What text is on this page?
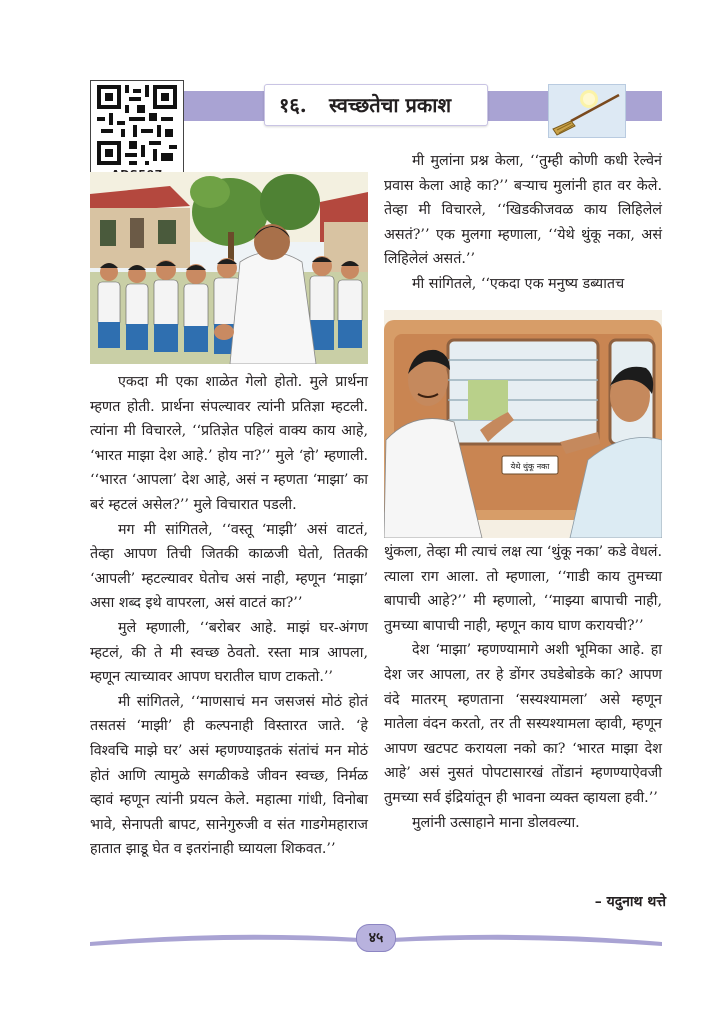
१६. स्वच्छतेचा प्रकाश

एकदा मी एका शाळेत गेलो होतो. मुले प्रार्थना म्हणत होती. प्रार्थना संपल्यावर त्यांनी प्रतिज्ञा म्हटली. त्यांना मी विचारले, ‘‘प्रतिज्ञेत पहिलं वाक्य काय आहे, ‘भारत माझा देश आहे.’ होय ना?’’ मुले ‘हो’ म्हणाली. ‘‘भारत ‘आपला’ देश आहे, असं न म्हणता ‘माझा’ का बरं म्हटलं असेल?’’ मुले विचारात पडली.

मग मी सांगितले, ‘‘वस्तू ‘माझी’ असं वाटतं, तेव्हा आपण तिची जितकी काळजी घेतो, तितकी ‘आपली’ म्हटल्यावर घेतोच असं नाही, म्हणून ‘माझा’ असा शब्द इथे वापरला, असं वाटतं का?’’

मुले म्हणाली, ‘‘बरोबर आहे. माझं घर-अंगण म्हटलं, की ते मी स्वच्छ ठेवतो. रस्ता मात्र आपला, म्हणून त्याच्यावर आपण घरातील घाण टाकतो.’’

मी सांगितले, ‘‘माणसाचं मन जसजसं मोठं होतं तसतसं ‘माझी’ ही कल्पनाही विस्तारत जाते. ‘हे विश्वचि माझे घर’ असं म्हणण्याइतकं संतांचं मन मोठं होतं आणि त्यामुळे सगळीकडे जीवन स्वच्छ, निर्मळ व्हावं म्हणून त्यांनी प्रयत्न केले. महात्मा गांधी, विनोबा भावे, सेनापती बापट, सानेगुरुजी व संत गाडगेमहाराज हातात झाडू घेत व इतरांनाही घ्यायला शिकवत.’’

मी मुलांना प्रश्न केला, ‘‘तुम्ही कोणी कधी रेल्वेनं प्रवास केला आहे का?’’ बऱ्याच मुलांनी हात वर केले. तेव्हा मी विचारले, ‘‘खिडकीजवळ काय लिहिलेलं असतं?’’ एक मुलगा म्हणाला, ‘‘येथे थुंकू नका, असं लिहिलेलं असतं.’’

मी सांगितले, ‘‘एकदा एक मनुष्य डब्यातच

येथे थुंकू नका

थुंकला, तेव्हा मी त्याचं लक्ष त्या ‘थुंकू नका’ कडे वेधलं. त्याला राग आला. तो म्हणाला, ‘‘गाडी काय तुमच्या बापाची आहे?’’ मी म्हणालो, ‘‘माझ्या बापाची नाही, तुमच्या बापाची नाही, म्हणून काय घाण करायची?’’

देश ‘माझा’ म्हणण्यामागे अशी भूमिका आहे. हा देश जर आपला, तर हे डोंगर उघडेबोडके का? आपण वंदे मातरम् म्हणताना ‘सस्यश्यामला’ असे म्हणून मातेला वंदन करतो, तर ती सस्यश्यामला व्हावी, म्हणून आपण खटपट करायला नको का? ‘भारत माझा देश आहे’ असं नुसतं पोपटासारखं तोंडानं म्हणण्याऐवजी तुमच्या सर्व इंद्रियांतून ही भावना व्यक्त व्हायला हवी.’’

मुलांनी उत्साहाने माना डोलवल्या.

– यदुनाथ थत्ते
४५
